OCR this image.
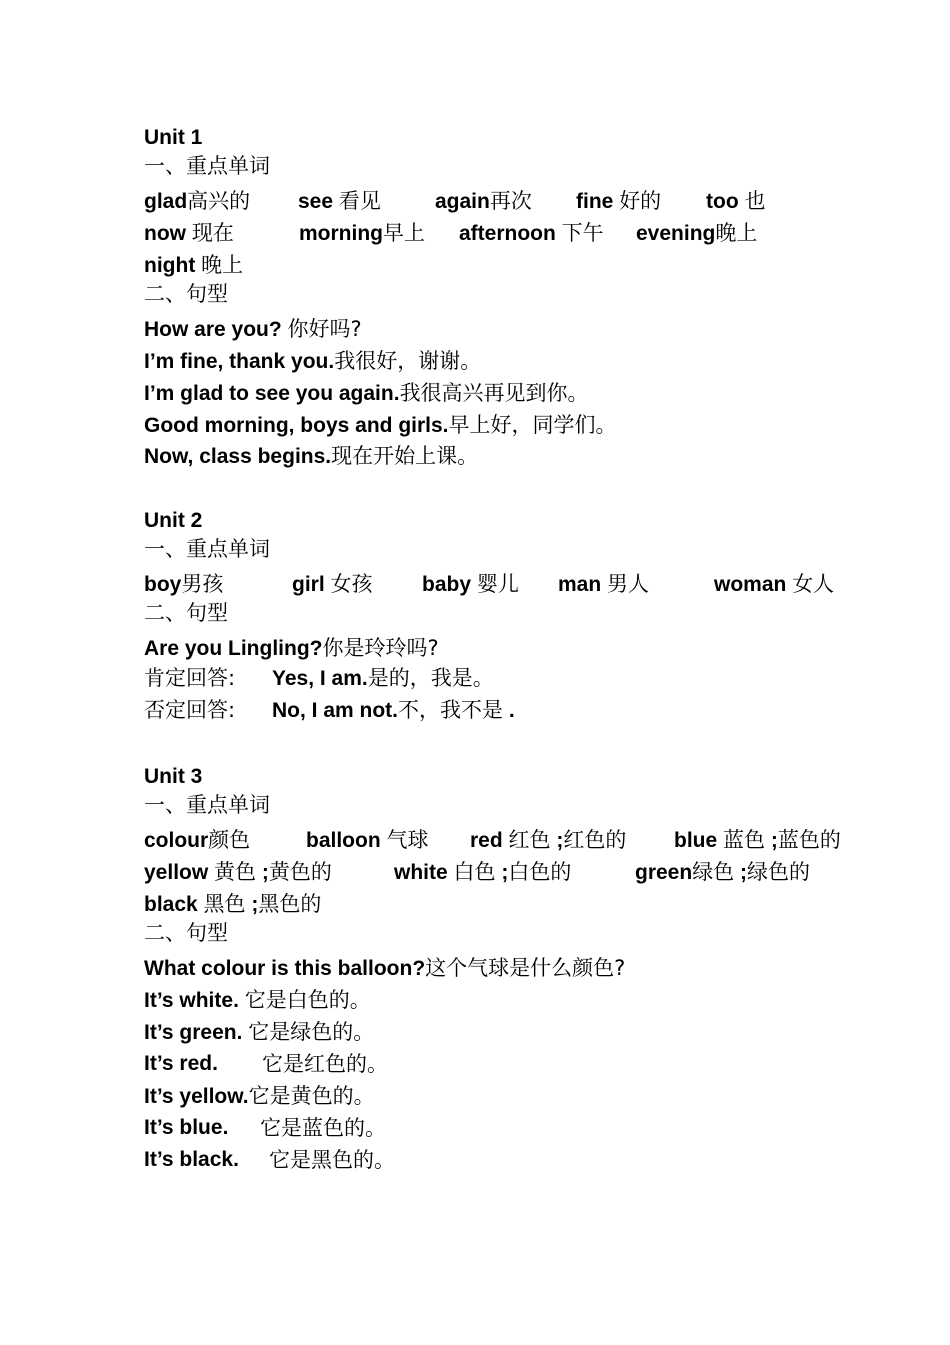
Unit 1
一、重点单词
glad高兴的 see 看见	again再次 fine 好的 too 也
now 现在	morning早上 afternoon 下午 evening晚上
night 晚上
二、句型
How are you? 你好吗?
I’m fine, thank you.我很好，谢谢。
I’m glad to see you again.我很高兴再见到你。
Good morning, boys and girls.早上好，同学们。
Now, class begins.现在开始上课。
Unit 2
一、重点单词
boy男孩	girl 女孩 baby 婴儿 man 男人	woman 女人
二、句型
Are you Lingling?你是玲玲吗?
肯定回答: Yes, I am.是的，我是。
否定回答: No, I am not.不，我不是 .
Unit 3
一、重点单词
colour颜色	balloon 气球 red 红色 ;红色的 blue 蓝色 ;蓝色的
yellow 黄色 ;黄色的	white 白色 ;白色的	green绿色 ;绿色的
black 黑色 ;黑色的
二、句型
What colour is this balloon?这个气球是什么颜色?
It’s white. 它是白色的。
It’s green. 它是绿色的。
It’s red. 它是红色的。
It’s yellow.它是黄色的。
It’s blue. 它是蓝色的。
It’s black. 它是黑色的。
